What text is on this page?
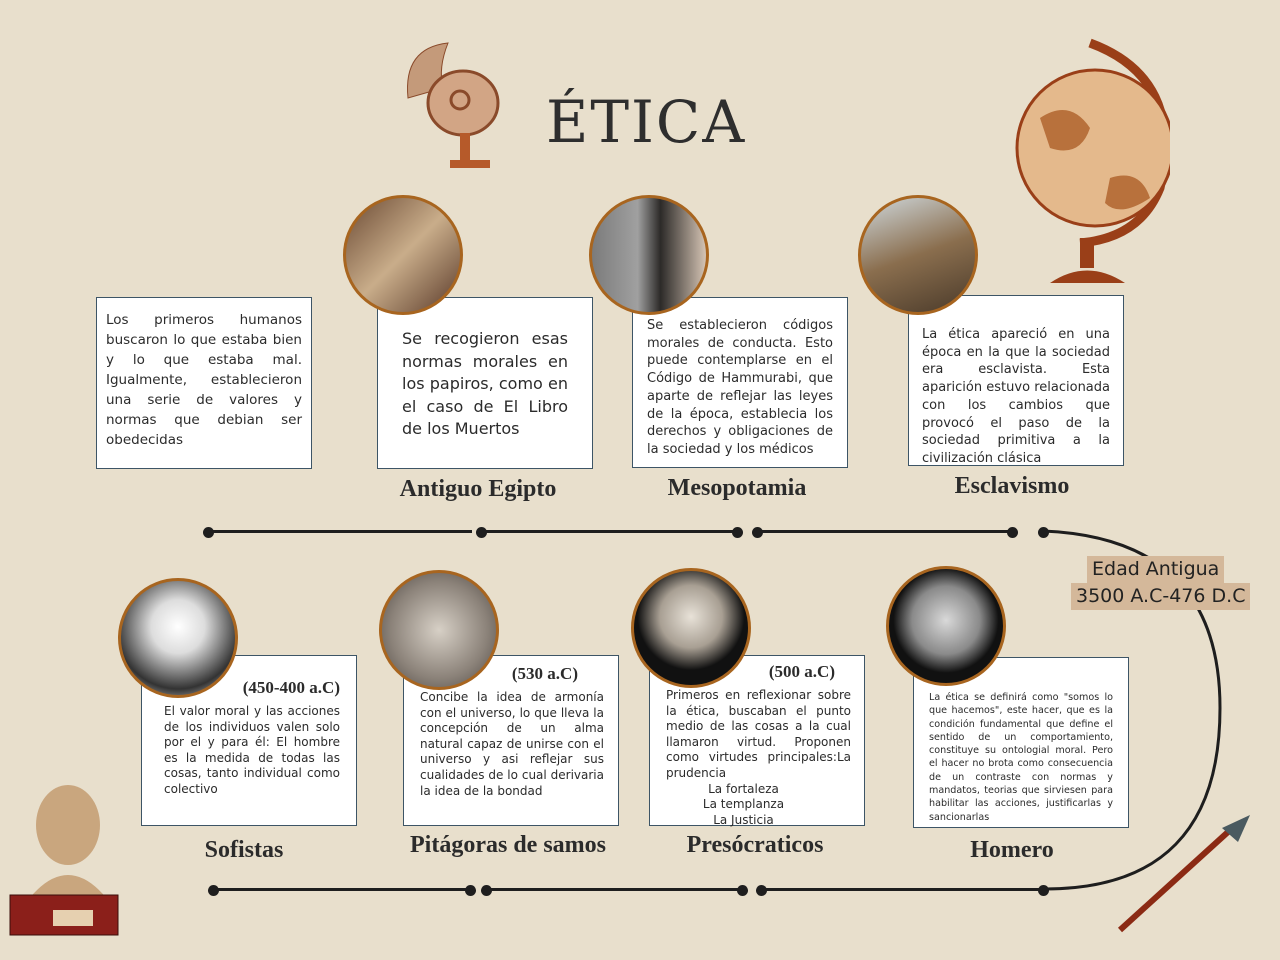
ÉTICA
Edad Antigua
3500 A.C-476 D.C

Los primeros humanos buscaron lo que estaba bien y lo que estaba mal. Igualmente, establecieron una serie de valores y normas que debian ser obedecidas

Se recogieron esas normas morales en los papiros, como en el caso de El Libro de los Muertos

Se establecieron códigos morales de conducta. Esto puede contemplarse en el Código de Hammurabi, que aparte de reflejar las leyes de la época, establecia los derechos y obligaciones de la sociedad y los médicos

La ética apareció en una época en la que la sociedad era esclavista. Esta aparición estuvo relacionada con los cambios que provocó el paso de la sociedad primitiva a la civilización clásica

Antiguo Egipto	Mesopotamia	Esclavismo
(450-400 a.C)

El valor moral y las acciones de los individuos valen solo por el y para él: El hombre es la medida de todas las cosas, tanto individual como colectivo

(530 a.C)

Concibe la idea de armonía con el universo, lo que lleva la concepción de un alma natural capaz de unirse con el universo y asi reflejar sus cualidades de lo cual derivaria la idea de la bondad

(500 a.C)

Primeros en reflexionar sobre la ética, buscaban el punto medio de las cosas a la cual llamaron virtud. Proponen como virtudes principales:La prudencia

La fortaleza

La templanza

La Justicia

La ética se definirá como "somos lo que hacemos", este hacer, que es la condición fundamental que define el sentido de un comportamiento, constituye su ontologial moral. Pero el hacer no brota como consecuencia de un contraste con normas y mandatos, teorias que sirviesen para habilitar las acciones, justificarlas y sancionarlas

Sofistas	Pitágoras de samos	Presócraticos	Homero
